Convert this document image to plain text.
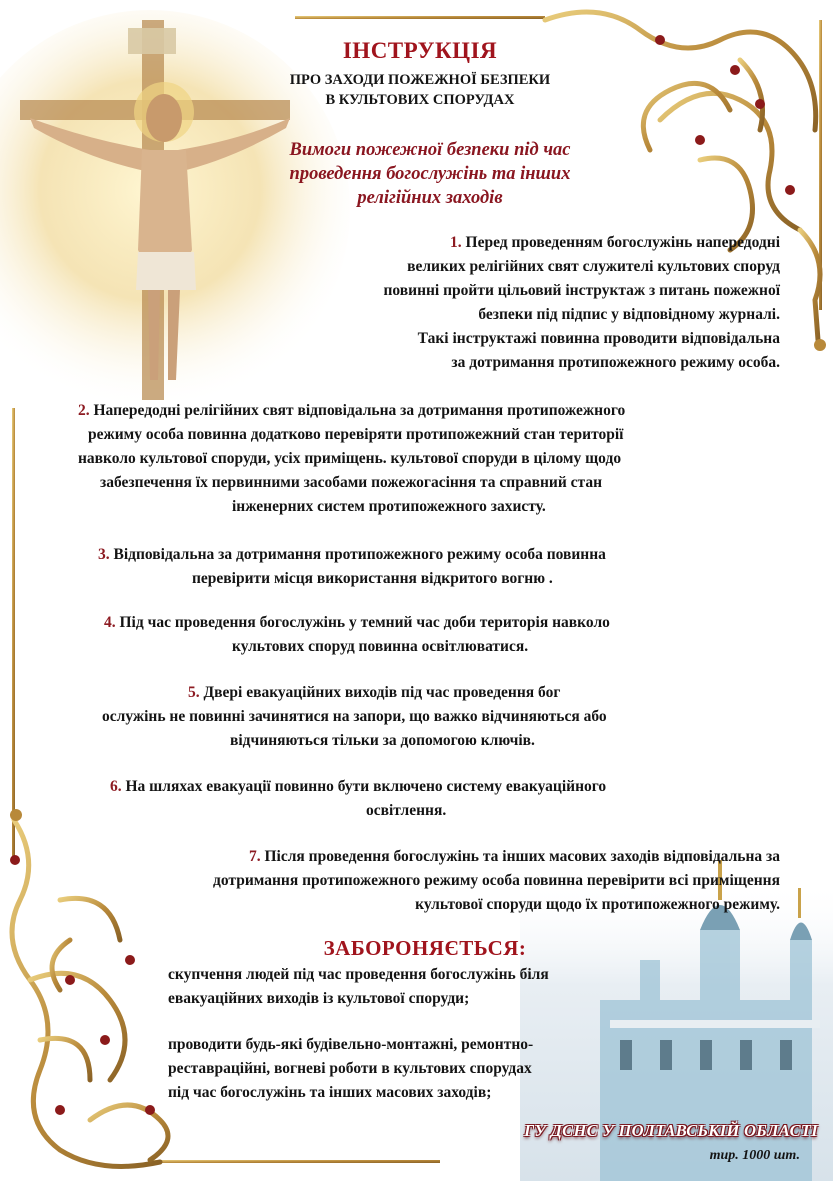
ІНСТРУКЦІЯ
ПРО ЗАХОДИ ПОЖЕЖНОЇ БЕЗПЕКИ
В КУЛЬТОВИХ СПОРУДАХ
Вимоги пожежної безпеки під час
проведення богослужінь та інших
релігійних заходів
1. Перед проведенням богослужінь напередодні
великих релігійних свят служителі культових споруд
повинні пройти цільовий інструктаж з питань пожежної
безпеки під підпис у відповідному журналі.
Такі інструктажі повинна проводити відповідальна
за дотримання протипожежного режиму особа.
2. Напередодні релігійних свят відповідальна за дотримання протипожежного
режиму особа повинна додатково перевіряти протипожежний стан території
навколо культової споруди, усіх приміщень. культової споруди в цілому щодо
забезпечення їх первинними засобами пожежогасіння та справний стан
інженерних систем протипожежного захисту.
3. Відповідальна за дотримання протипожежного режиму особа повинна
перевірити місця використання відкритого вогню .
4. Під час проведення богослужінь у темний час доби територія навколо
культових споруд повинна освітлюватися.
5. Двері евакуаційних виходів під час проведення бог
ослужінь не повинні зачинятися на запори, що важко відчиняються або
відчиняються тільки за допомогою ключів.
6. На шляхах евакуації повинно бути включено систему евакуаційного
освітлення.
7. Після проведення богослужінь та інших масових заходів відповідальна за
дотримання протипожежного режиму особа повинна перевірити всі приміщення
культової споруди щодо їх протипожежного режиму.
ЗАБОРОНЯЄТЬСЯ:
скупчення людей під час проведення богослужінь біля
евакуаційних виходів із культової споруди;
проводити будь-які будівельно-монтажні, ремонтно-
реставраційні, вогневі роботи в культових спорудах
під час богослужінь та інших масових заходів;
ГУ ДСНС У ПОЛТАВСЬКІЙ ОБЛАСТІ
тир. 1000 шт.
